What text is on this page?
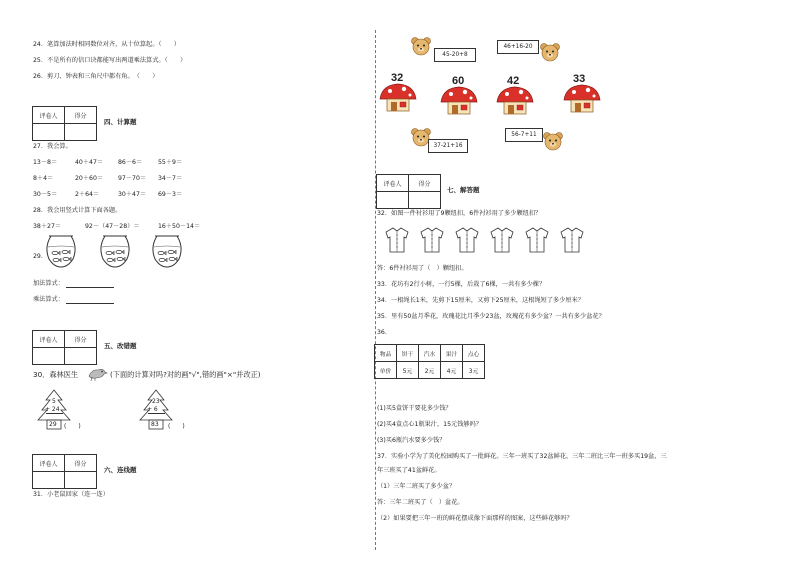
24．笔算加法时相同数位对齐，从十位算起。（　　）
25．不是所有的信口诀都能写出两道乘法算式。（　　）
26．剪刀、钟表和三角尺中都有角。　（　　）
评卷人	得分

四、计算题
27．我会算。
13－8＝	40＋47＝ 86－6＝	55＋9＝
8＋4＝	20＋60＝ 97－70＝ 34－7＝
30－5＝	2＋64＝	30＋47＝ 69－3＝
28．我会用竖式计算下面各题。
38＋27＝	92－（47－28）＝	16＋50－14＝
29.
加法算式：
乘法算式：
评卷人	得分

五、改错题
30．森林医生	(下面的计算对吗?对的画"√",错的画"×"并改正)
5
+ 24
29 (　　)
23
+ 6
83 (　　)
评卷人	得分

六、连线题
31．小老鼠回家（连一连）
45-20+8
46+16-20
32	60	42	33
37-21+16
56-7+11
评卷人	得分

七、解答题
32．如图一件衬衫用了9颗纽扣，6件衬衫用了多少颗纽扣？
答：6件衬衫用了（　）颗纽扣。
33．花坊有2行小树，一行5棵，后栽了6棵，一共有多少棵？
34．一根绳长1米，先剪下15厘米，又剪下25厘米，这根绳短了多少厘米？
35．里有50盆月季花，玫瑰花比月季少23盆，玫瑰花有多少盆？一共有多少盆花？
36.
物品	饼干	汽水	果汁	点心
单价	5元	2元	4元	3元
(1)买5盒饼干要花多少钱？
(2)买4盒点心1瓶果汁，15元钱够吗？
(3)买6瓶汽水要多少钱？
37．实验小学为了美化校园购买了一批鲜花。三年一班买了32盆鲜花，三年二班比三年一班多买19盆，三
年三班买了41盆鲜花。
（1）三年二班买了多少盆？
答：三年二班买了（　）盆花。
（2）如果要把三年一班的鲜花摆成像下面那样的图案，这些鲜花够吗？
